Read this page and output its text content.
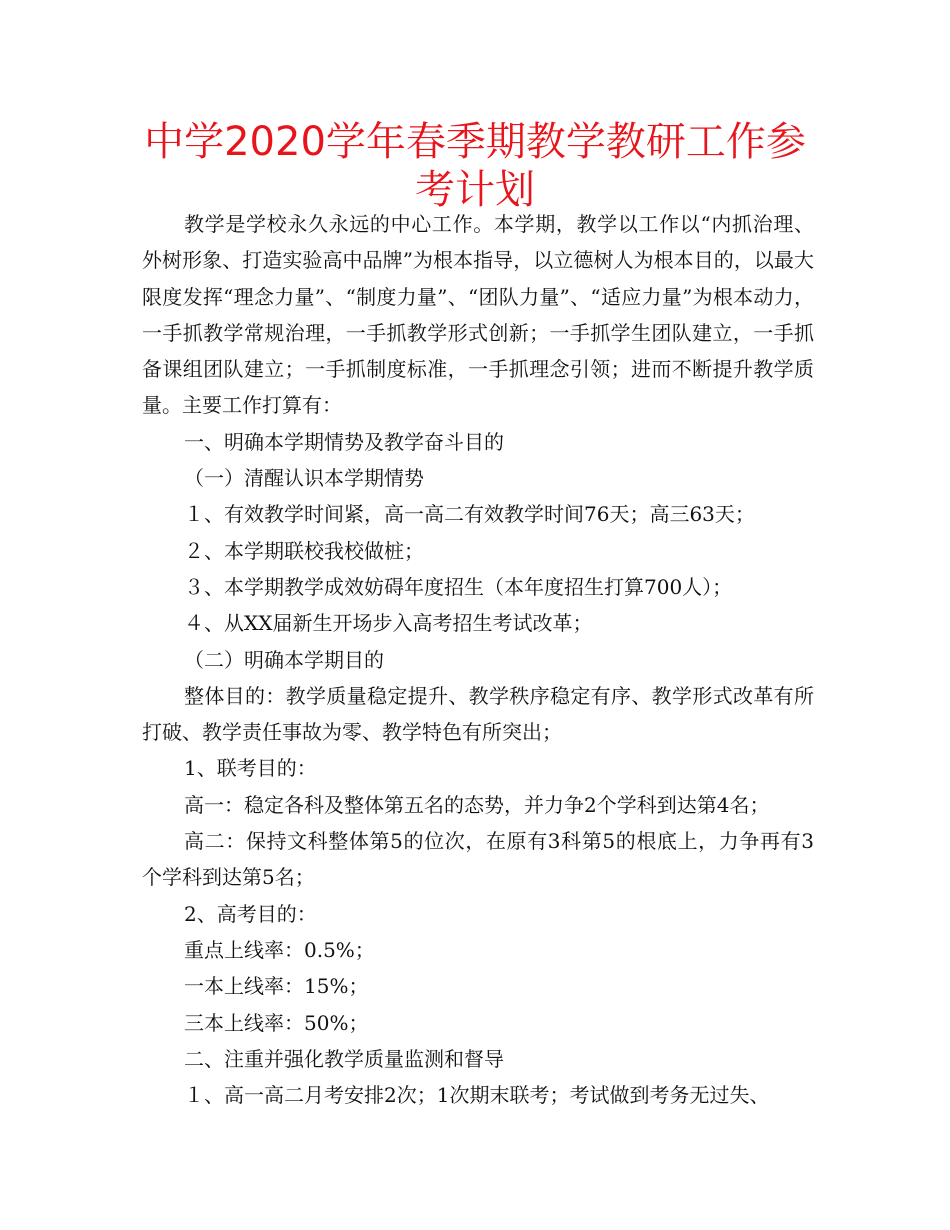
中学2020学年春季期教学教研工作参考计划

教学是学校永久永远的中心工作。本学期，教学以工作以“内抓治理、外树形象、打造实验高中品牌”为根本指导，以立德树人为根本目的，以最大限度发挥“理念力量”、“制度力量”、“团队力量”、“适应力量”为根本动力，一手抓教学常规治理，一手抓教学形式创新；一手抓学生团队建立，一手抓备课组团队建立；一手抓制度标准，一手抓理念引领；进而不断提升教学质量。主要工作打算有：

一、明确本学期情势及教学奋斗目的

（一）清醒认识本学期情势

１、有效教学时间紧，高一高二有效教学时间76天；高三63天；

２、本学期联校我校做桩；

３、本学期教学成效妨碍年度招生（本年度招生打算700人）；

４、从XX届新生开场步入高考招生考试改革；

（二）明确本学期目的

整体目的：教学质量稳定提升、教学秩序稳定有序、教学形式改革有所打破、教学责任事故为零、教学特色有所突出；

1、联考目的：

高一：稳定各科及整体第五名的态势，并力争2个学科到达第4名；

高二：保持文科整体第5的位次，在原有3科第5的根底上，力争再有3个学科到达第5名；

2、高考目的：

重点上线率：0.5%；

一本上线率：15%；

三本上线率：50%；

二、注重并强化教学质量监测和督导

１、高一高二月考安排2次；1次期末联考；考试做到考务无过失、
